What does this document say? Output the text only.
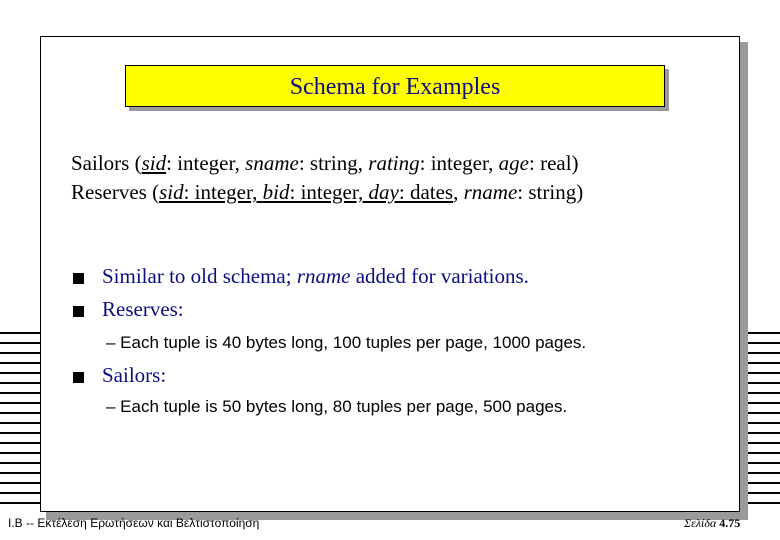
Schema for Examples
Sailors (sid: integer, sname: string, rating: integer, age: real)
Reserves (sid: integer, bid: integer, day: dates, rname: string)
Similar to old schema; rname added for variations.
Reserves:
– Each tuple is 40 bytes long, 100 tuples per page, 1000 pages.
Sailors:
– Each tuple is 50 bytes long, 80 tuples per page, 500 pages.
I.B -- Εκτέλεση Ερωτήσεων και Βελτιστοποίηση	Σελίδα 4.75
